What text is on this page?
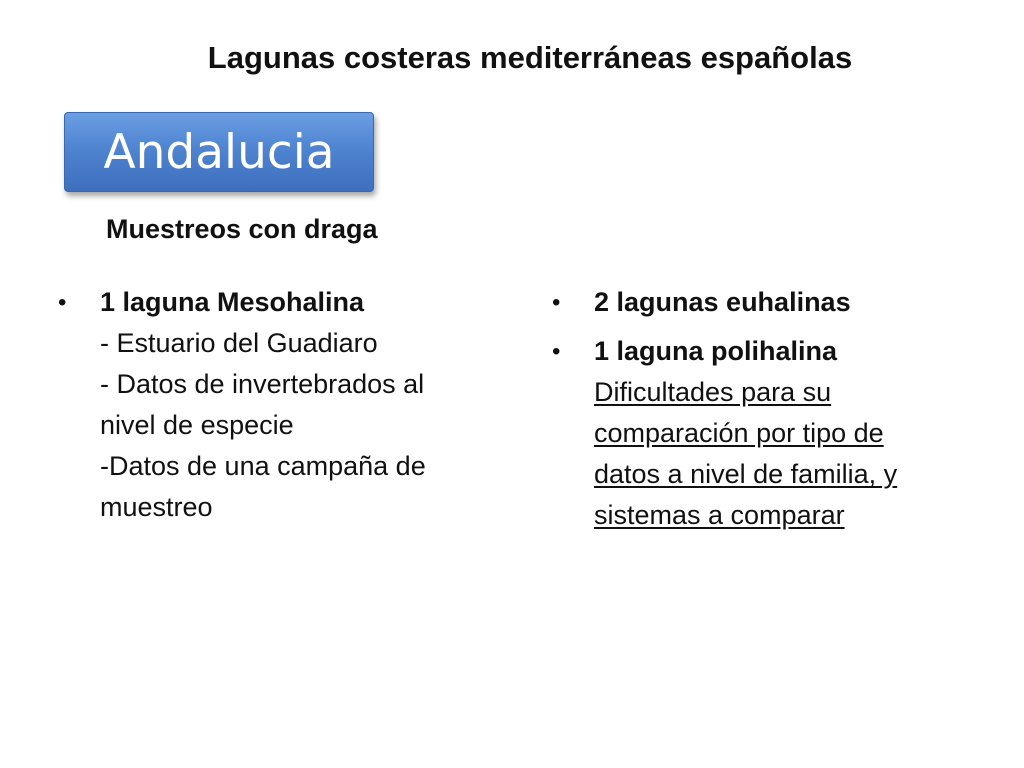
Lagunas costeras mediterráneas españolas
Andalucia
Muestreos con draga
• 1 laguna Mesohalina
- Estuario del Guadiaro
- Datos de invertebrados al
nivel de especie
-Datos de una campaña de
muestreo
• 2 lagunas euhalinas
• 1 laguna polihalina
Dificultades para su
comparación por tipo de
datos a nivel de familia, y
sistemas a comparar
